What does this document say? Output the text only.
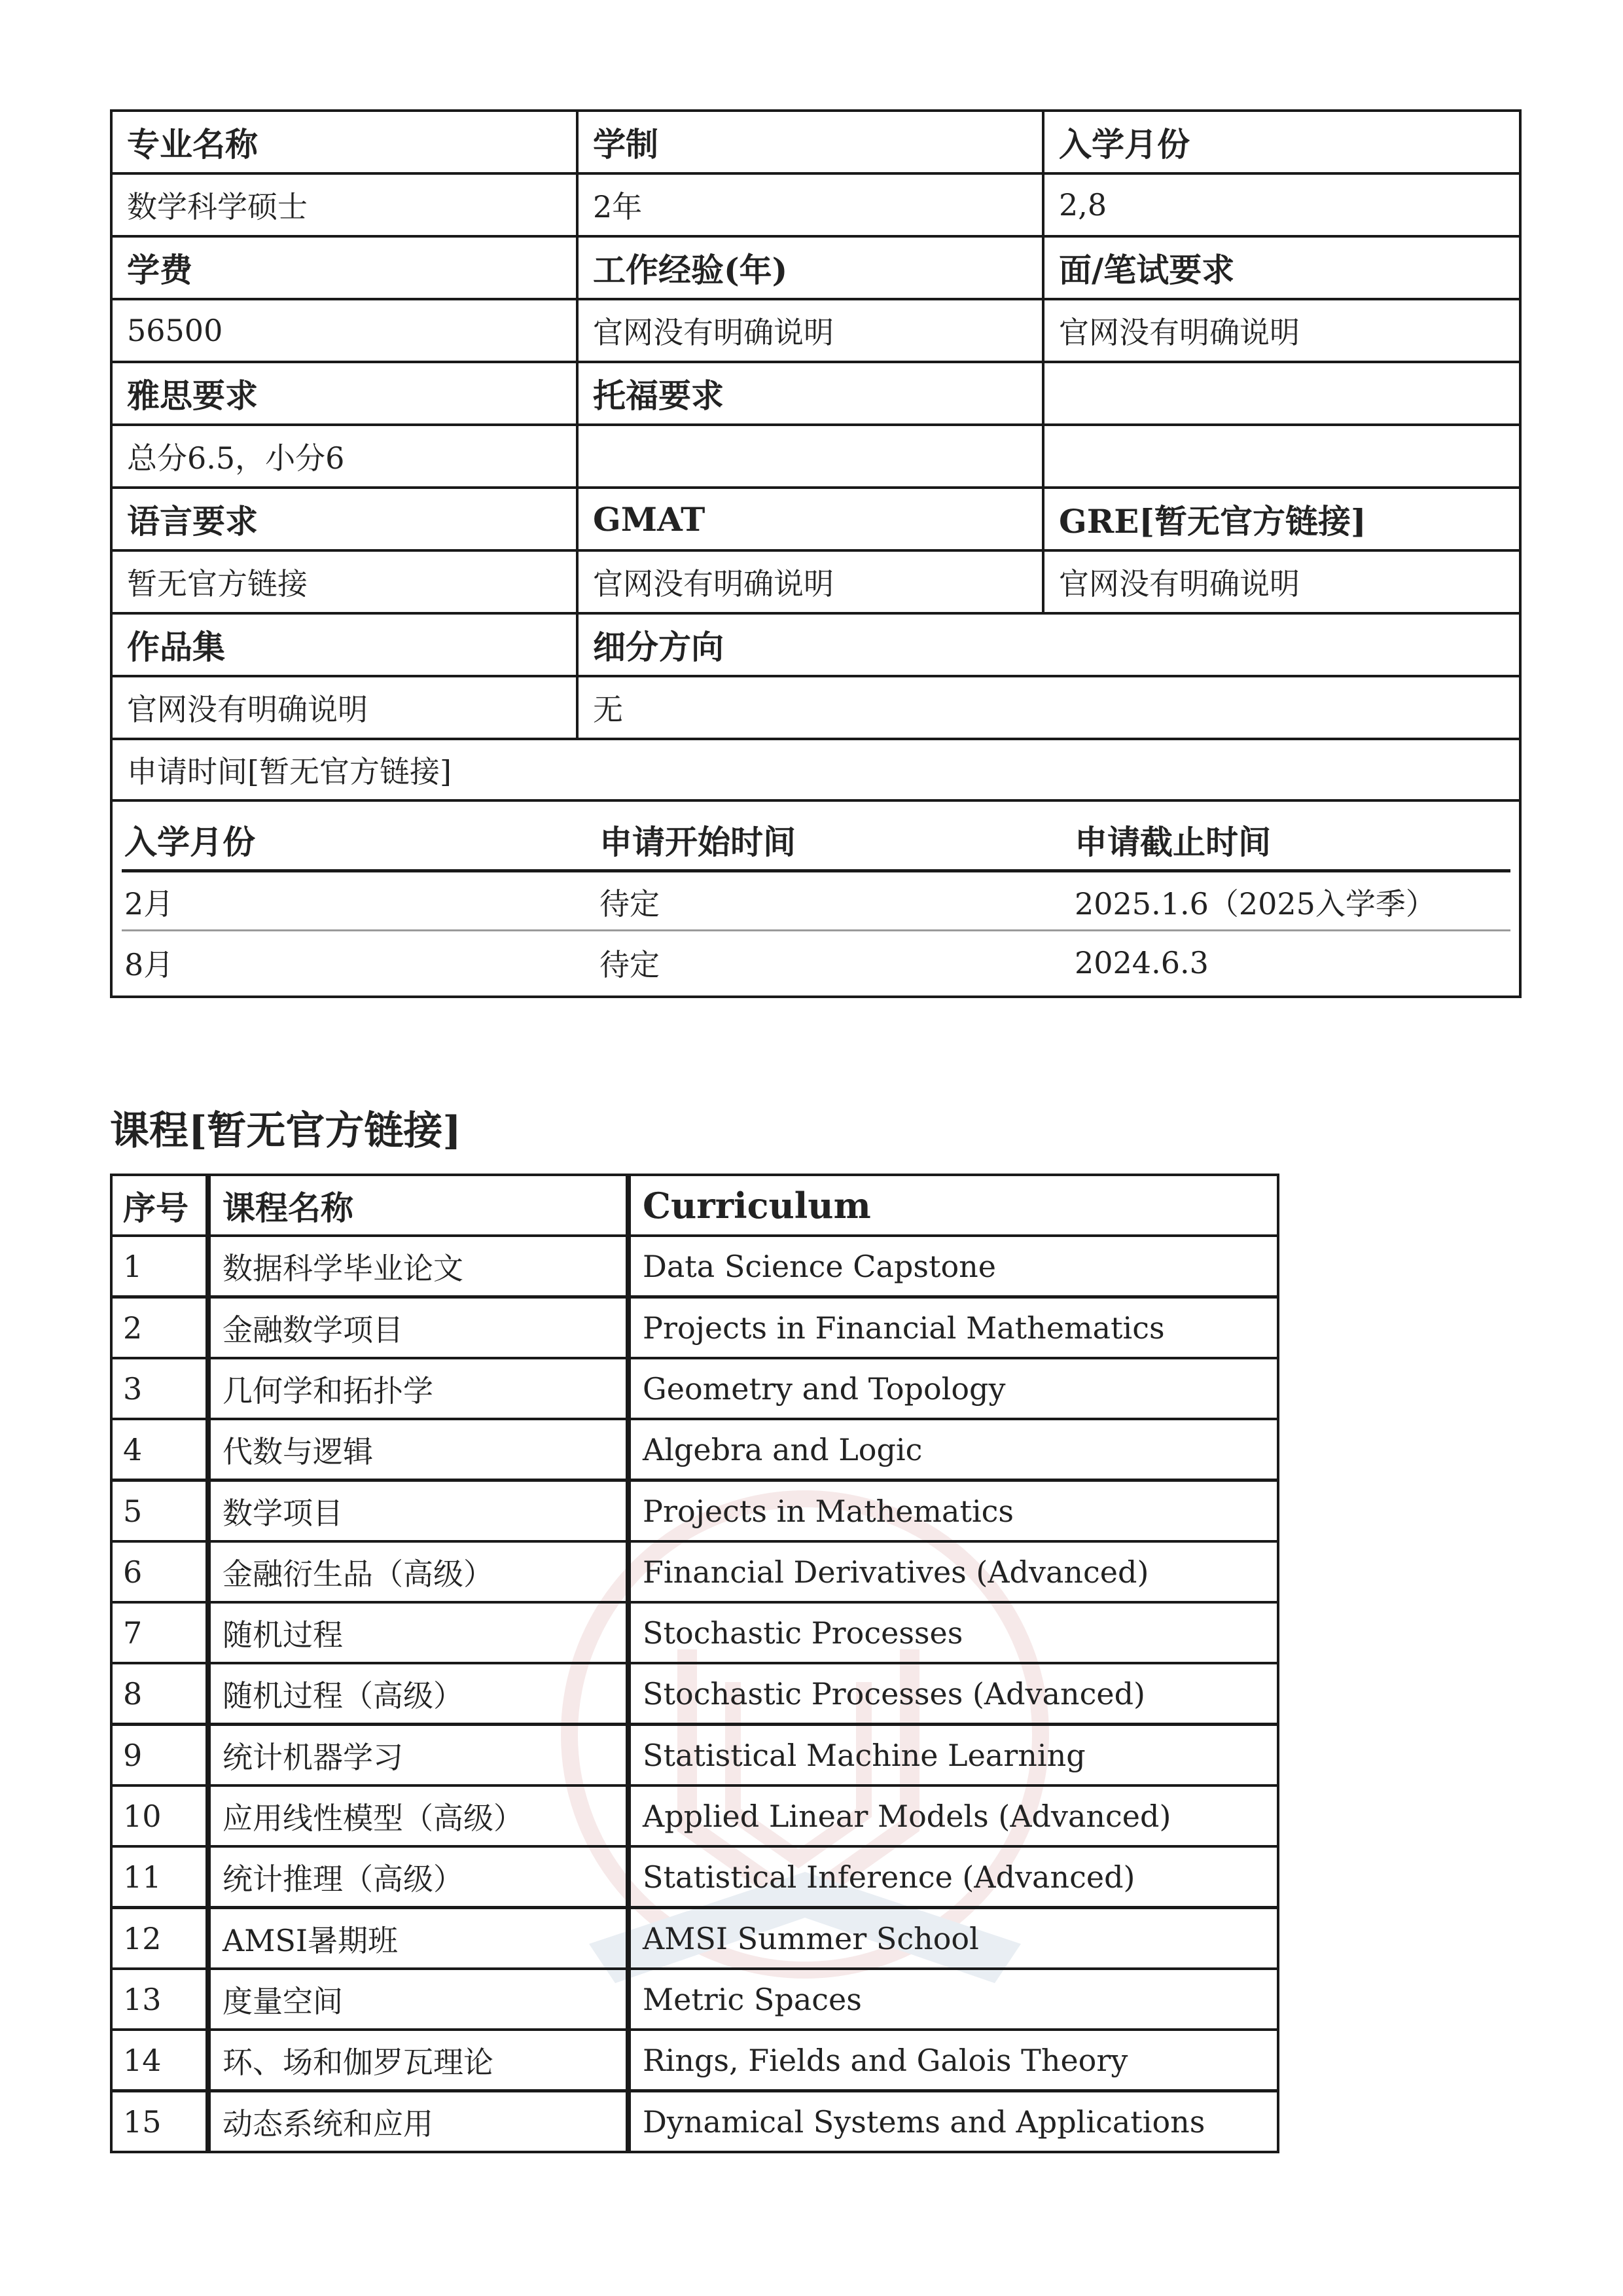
专业名称	学制	入学月份
数学科学硕士	2年	2,8
学费	工作经验(年)	面/笔试要求
56500	官网没有明确说明	官网没有明确说明
雅思要求	托福要求
总分6.5，小分6
语言要求	GMAT	GRE[暂无官方链接]
暂无官方链接	官网没有明确说明	官网没有明确说明
作品集	细分方向
官网没有明确说明	无
申请时间[暂无官方链接]
入学月份	申请开始时间	申请截止时间
2月	待定	2025.1.6（2025入学季）
8月	待定	2024.6.3
课程[暂无官方链接]
序号	课程名称	Curriculum
1	数据科学毕业论文	Data Science Capstone
2	金融数学项目	Projects in Financial Mathematics
3	几何学和拓扑学	Geometry and Topology
4	代数与逻辑	Algebra and Logic
5	数学项目	Projects in Mathematics
6	金融衍生品（高级）	Financial Derivatives (Advanced)
7	随机过程	Stochastic Processes
8	随机过程（高级）	Stochastic Processes (Advanced)
9	统计机器学习	Statistical Machine Learning
10	应用线性模型（高级）	Applied Linear Models (Advanced)
11	统计推理（高级）	Statistical Inference (Advanced)
12	AMSI暑期班	AMSI Summer School
13	度量空间	Metric Spaces
14	环、场和伽罗瓦理论	Rings, Fields and Galois Theory
15	动态系统和应用	Dynamical Systems and Applications
